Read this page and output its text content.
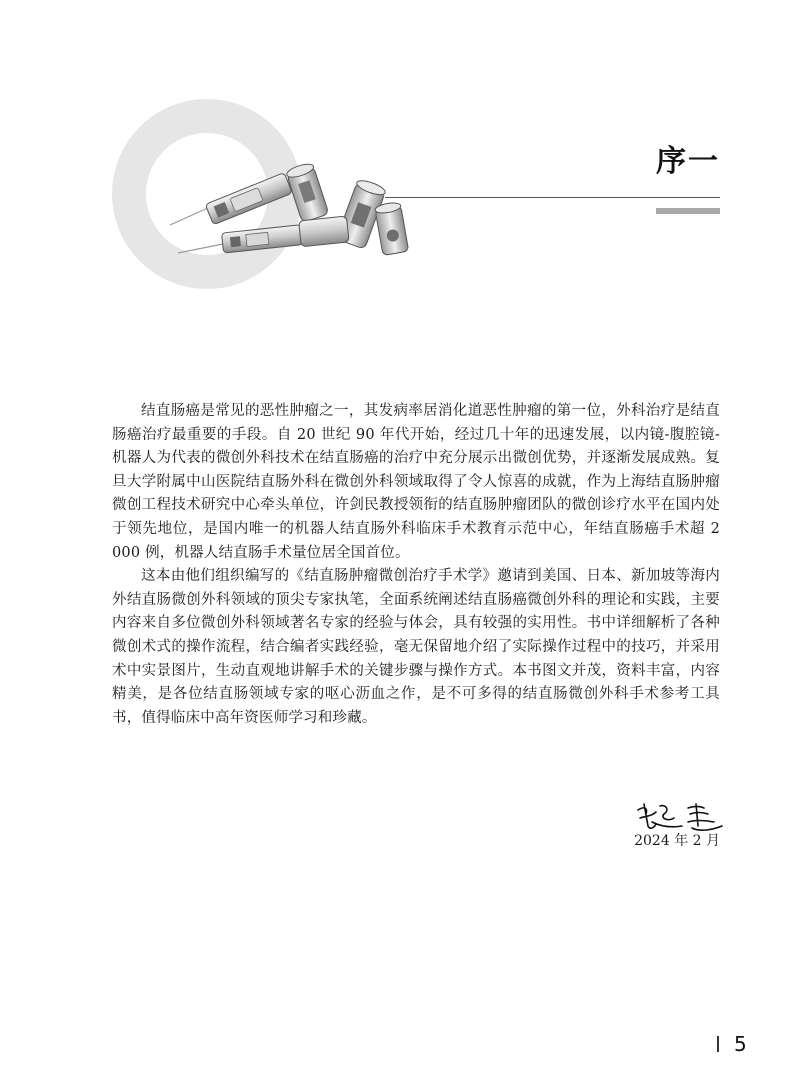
序一

结直肠癌是常见的恶性肿瘤之一，其发病率居消化道恶性肿瘤的第一位，外科治疗是结直肠癌治疗最重要的手段。自 20 世纪 90 年代开始，经过几十年的迅速发展，以内镜-腹腔镜-机器人为代表的微创外科技术在结直肠癌的治疗中充分展示出微创优势，并逐渐发展成熟。复旦大学附属中山医院结直肠外科在微创外科领域取得了令人惊喜的成就，作为上海结直肠肿瘤微创工程技术研究中心牵头单位，许剑民教授领衔的结直肠肿瘤团队的微创诊疗水平在国内处于领先地位，是国内唯一的机器人结直肠外科临床手术教育示范中心，年结直肠癌手术超 2 000 例，机器人结直肠手术量位居全国首位。

这本由他们组织编写的《结直肠肿瘤微创治疗手术学》邀请到美国、日本、新加坡等海内外结直肠微创外科领域的顶尖专家执笔，全面系统阐述结直肠癌微创外科的理论和实践，主要内容来自多位微创外科领域著名专家的经验与体会，具有较强的实用性。书中详细解析了各种微创术式的操作流程，结合编者实践经验，毫无保留地介绍了实际操作过程中的技巧，并采用术中实景图片，生动直观地讲解手术的关键步骤与操作方式。本书图文并茂，资料丰富，内容精美，是各位结直肠领域专家的呕心沥血之作，是不可多得的结直肠微创外科手术参考工具书，值得临床中高年资医师学习和珍藏。

2024 年 2 月
5
